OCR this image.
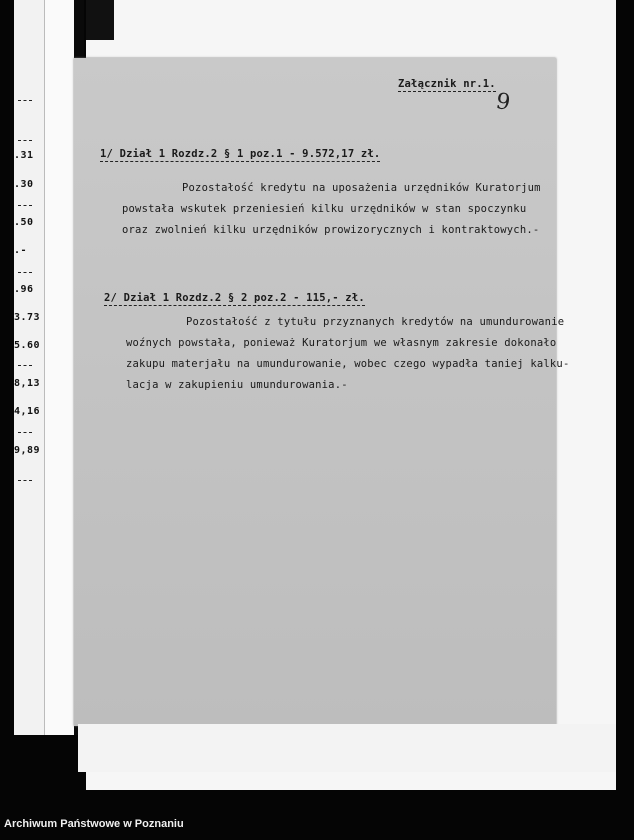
.31
.30
.50
.-
.96
3.73
5.60
8,13
4,16
9,89
Załącznik nr.1.
1/ Dział 1 Rozdz.2 § 1 poz.1 - 9.572,17 zł.
Pozostałość kredytu na uposażenia urzędników Kuratorjum
powstała wskutek przeniesień kilku urzędników w stan spoczynku
oraz zwolnień kilku urzędników prowizorycznych i kontraktowych.-
2/ Dział 1 Rozdz.2 § 2 poz.2 - 115,- zł.
Pozostałość z tytułu przyznanych kredytów na umundurowanie
woźnych powstała, ponieważ Kuratorjum we własnym zakresie dokonało
zakupu materjału na umundurowanie, wobec czego wypadła taniej kalku-
lacja w zakupieniu umundurowania.-
9
Archiwum Państwowe w Poznaniu
